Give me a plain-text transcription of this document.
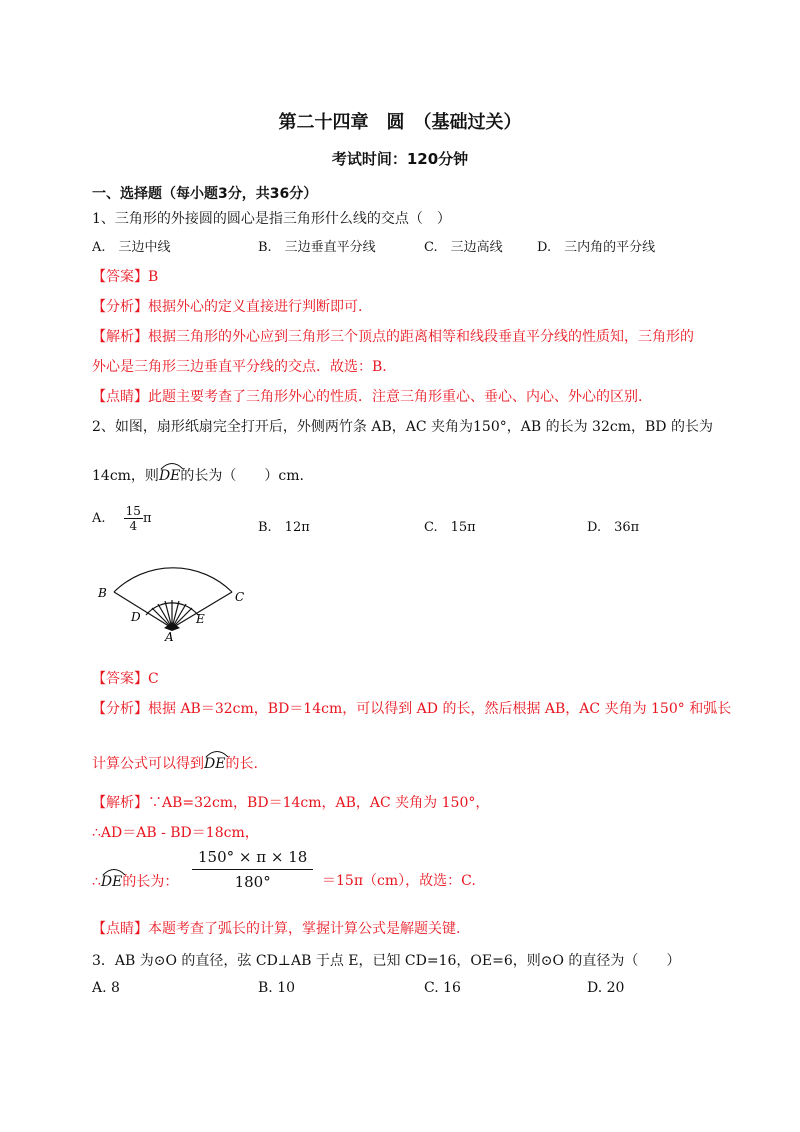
第二十四章　圆　（基础过关）
考试时间：120分钟
一、选择题（每小题3分，共36分）
1、三角形的外接圆的圆心是指三角形什么线的交点（　）
A.　三边中线	B.　三边垂直平分线	C.　三边高线	D.　三内角的平分线
【答案】B
【分析】根据外心的定义直接进行判断即可.
【解析】根据三角形的外心应到三角形三个顶点的距离相等和线段垂直平分线的性质知，三角形的
外心是三角形三边垂直平分线的交点．故选：B.
【点睛】此题主要考查了三角形外心的性质．注意三角形重心、垂心、内心、外心的区别.
2、如图，扇形纸扇完全打开后，外侧两竹条 AB，AC 夹角为150°，AB 的长为 32cm，BD 的长为
14cm，则
DE的长为（　　）cm.
A. $\frac{15}{4}$ π
B.　12π	C.　15π	D.　36π
B	C
D	E
A
【答案】C
【分析】根据 AB＝32cm，BD＝14cm，可以得到 AD 的长，然后根据 AB，AC 夹角为 150° 和弧长
计算公式可以得到
DE的长.
【解析】∵AB=32cm，BD＝14cm，AB，AC 夹角为 150°，
∴AD＝AB - BD＝18cm，
∴
DE的长为： $\frac{150^\circ \times \pi \times 18}{180^\circ} =15\pi(cm)$，故选：C.
【点睛】本题考查了弧长的计算，掌握计算公式是解题关键.
3．AB 为⊙O 的直径，弦 CD⊥AB 于点 E，已知 CD=16，OE=6，则⊙O 的直径为（　　）
A. 8	B. 10	C. 16	D. 20
